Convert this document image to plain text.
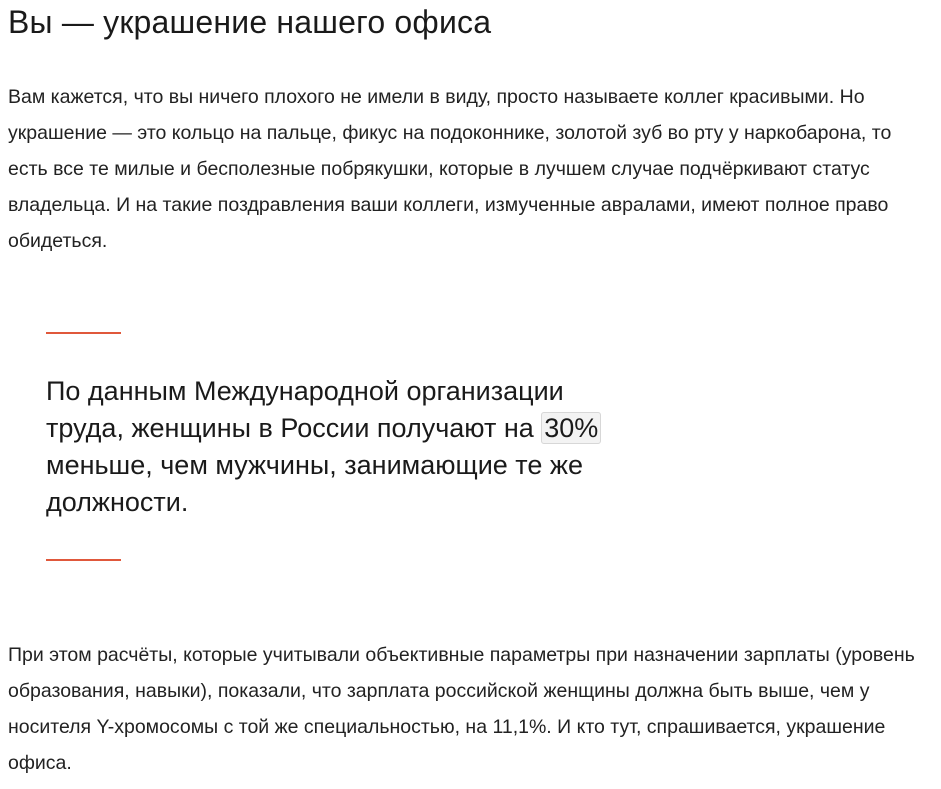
Вы — украшение нашего офиса

Вам кажется, что вы ничего плохого не имели в виду, просто называете коллег красивыми. Но украшение — это кольцо на пальце, фикус на подоконнике, золотой зуб во рту у наркобарона, то есть все те милые и бесполезные побрякушки, которые в лучшем случае подчёркивают статус владельца. И на такие поздравления ваши коллеги, измученные авралами, имеют полное право обидеться.

По данным Международной организации труда, женщины в России получают на 30% меньше, чем мужчины, занимающие те же должности.

При этом расчёты, которые учитывали объективные параметры при назначении зарплаты (уровень образования, навыки), показали, что зарплата российской женщины должна быть выше, чем у носителя Y-хромосомы с той же специальностью, на 11,1%. И кто тут, спрашивается, украшение офиса.
